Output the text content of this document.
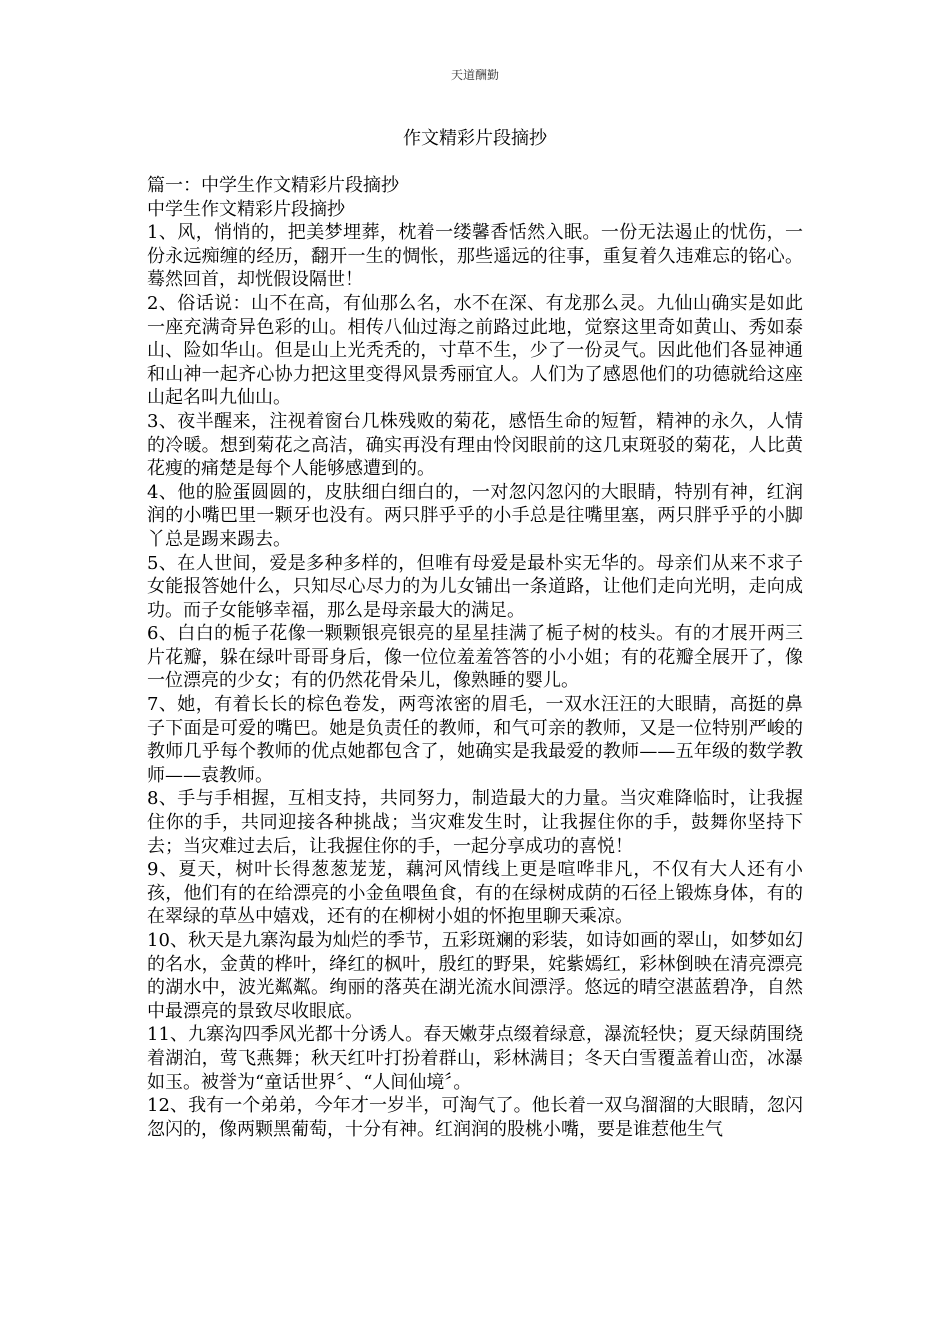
天道酬勤
作文精彩片段摘抄

篇一：中学生作文精彩片段摘抄

中学生作文精彩片段摘抄

1、风，悄悄的，把美梦埋葬，枕着一缕馨香恬然入眠。一份无法遏止的忧伤，一份永远痴缠的经历，翻开一生的惆怅，那些遥远的往事，重复着久违难忘的铭心。蓦然回首，却恍假设隔世！

2、俗话说：山不在高，有仙那么名，水不在深、有龙那么灵。九仙山确实是如此一座充满奇异色彩的山。相传八仙过海之前路过此地，觉察这里奇如黄山、秀如泰山、险如华山。但是山上光秃秃的，寸草不生，少了一份灵气。因此他们各显神通和山神一起齐心协力把这里变得风景秀丽宜人。人们为了感恩他们的功德就给这座山起名叫九仙山。

3、夜半醒来，注视着窗台几株残败的菊花，感悟生命的短暂，精神的永久，人情的冷暖。想到菊花之高洁，确实再没有理由怜闵眼前的这几束斑驳的菊花，人比黄花瘦的痛楚是每个人能够感遭到的。

4、他的脸蛋圆圆的，皮肤细白细白的，一对忽闪忽闪的大眼睛，特别有神，红润润的小嘴巴里一颗牙也没有。两只胖乎乎的小手总是往嘴里塞，两只胖乎乎的小脚丫总是踢来踢去。

5、在人世间，爱是多种多样的，但唯有母爱是最朴实无华的。母亲们从来不求子女能报答她什么，只知尽心尽力的为儿女铺出一条道路，让他们走向光明，走向成功。而子女能够幸福，那么是母亲最大的满足。

6、白白的栀子花像一颗颗银亮银亮的星星挂满了栀子树的枝头。有的才展开两三片花瓣，躲在绿叶哥哥身后，像一位位羞羞答答的小小姐；有的花瓣全展开了，像一位漂亮的少女；有的仍然花骨朵儿，像熟睡的婴儿。

7、她，有着长长的棕色卷发，两弯浓密的眉毛，一双水汪汪的大眼睛，高挺的鼻子下面是可爱的嘴巴。她是负责任的教师，和气可亲的教师，又是一位特别严峻的教师几乎每个教师的优点她都包含了，她确实是我最爱的教师——五年级的数学教师——袁教师。

8、手与手相握，互相支持，共同努力，制造最大的力量。当灾难降临时，让我握住你的手，共同迎接各种挑战；当灾难发生时，让我握住你的手，鼓舞你坚持下去；当灾难过去后，让我握住你的手，一起分享成功的喜悦！

9、夏天，树叶长得葱葱茏茏，藕河风情线上更是喧哗非凡，不仅有大人还有小孩，他们有的在给漂亮的小金鱼喂鱼食，有的在绿树成荫的石径上锻炼身体，有的在翠绿的草丛中嬉戏，还有的在柳树小姐的怀抱里聊天乘凉。

10、秋天是九寨沟最为灿烂的季节，五彩斑斓的彩装，如诗如画的翠山，如梦如幻的名水，金黄的桦叶，绛红的枫叶，殷红的野果，姹紫嫣红，彩林倒映在清亮漂亮的湖水中，波光粼粼。绚丽的落英在湖光流水间漂浮。悠远的晴空湛蓝碧净，自然中最漂亮的景致尽收眼底。

11、九寨沟四季风光都十分诱人。春天嫩芽点缀着绿意，瀑流轻快；夏天绿荫围绕着湖泊，莺飞燕舞；秋天红叶打扮着群山，彩林满目；冬天白雪覆盖着山峦，冰瀑如玉。被誉为“童话世界〞、“人间仙境〞。

12、我有一个弟弟，今年才一岁半，可淘气了。他长着一双乌溜溜的大眼睛，忽闪忽闪的，像两颗黑葡萄，十分有神。红润润的股桃小嘴，要是谁惹他生气
